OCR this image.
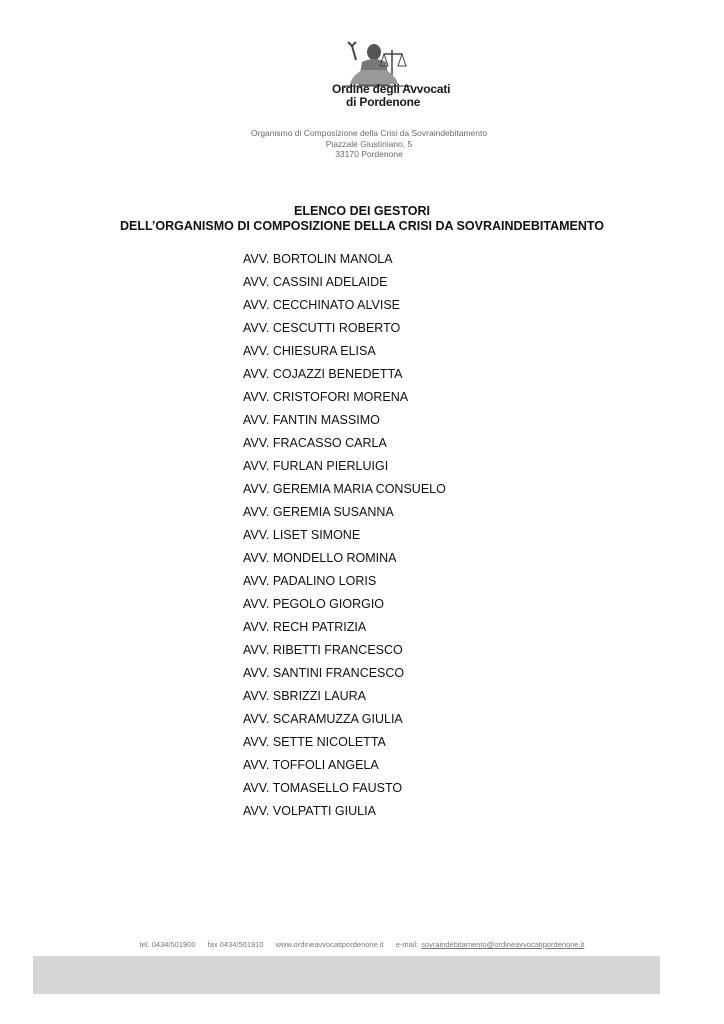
Ordine degli Avvocati
di Pordenone
Organismo di Composizione della Crisi da Sovraindebitamento
Piazzale Giustiniano, 5
33170 Pordenone
ELENCO DEI GESTORI
DELL’ORGANISMO DI COMPOSIZIONE DELLA CRISI DA SOVRAINDEBITAMENTO
AVV. BORTOLIN MANOLA
AVV. CASSINI ADELAIDE
AVV. CECCHINATO ALVISE
AVV. CESCUTTI ROBERTO
AVV. CHIESURA ELISA
AVV. COJAZZI BENEDETTA
AVV. CRISTOFORI MORENA
AVV. FANTIN MASSIMO
AVV. FRACASSO CARLA
AVV. FURLAN PIERLUIGI
AVV. GEREMIA MARIA CONSUELO
AVV. GEREMIA SUSANNA
AVV. LISET SIMONE
AVV. MONDELLO ROMINA
AVV. PADALINO LORIS
AVV. PEGOLO GIORGIO
AVV. RECH PATRIZIA
AVV. RIBETTI FRANCESCO
AVV. SANTINI FRANCESCO
AVV. SBRIZZI LAURA
AVV. SCARAMUZZA GIULIA
AVV. SETTE NICOLETTA
AVV. TOFFOLI ANGELA
AVV. TOMASELLO FAUSTO
AVV. VOLPATTI GIULIA
tel. 0434/501900 fax 0434/501910 www.ordineavvocatipordenone.it e-mail: sovraindebitamento@ordineavvocatipordenone.it
